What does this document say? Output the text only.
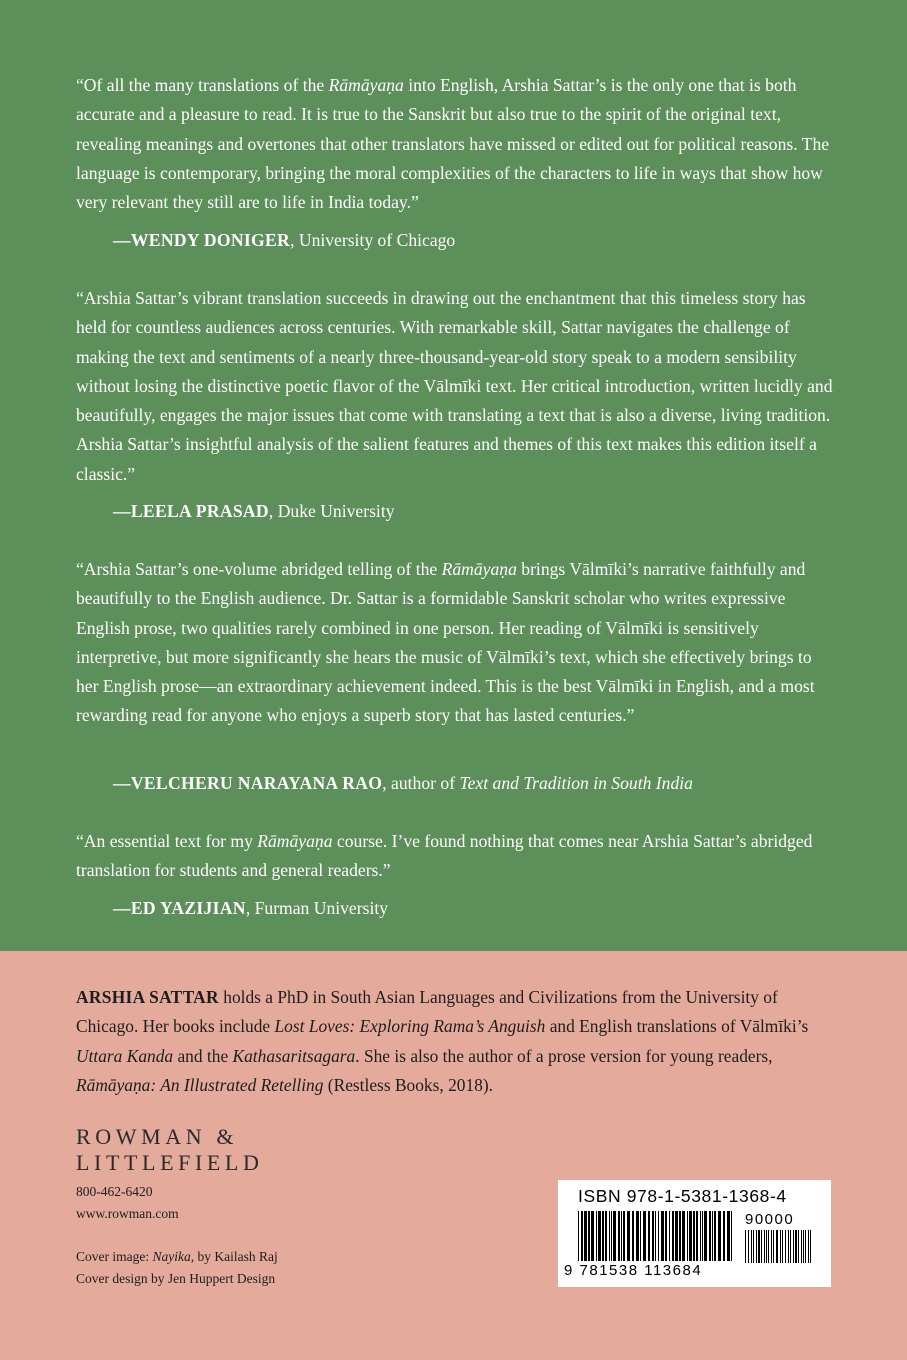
“Of all the many translations of the Rāmāyaṇa into English, Arshia Sattar’s is the only one that is both accurate and a pleasure to read. It is true to the Sanskrit but also true to the spirit of the original text, revealing meanings and overtones that other translators have missed or edited out for political reasons. The language is contemporary, bringing the moral complexities of the characters to life in ways that show how very relevant they still are to life in India today.”

—WENDY DONIGER, University of Chicago

“Arshia Sattar’s vibrant translation succeeds in drawing out the enchantment that this timeless story has held for countless audiences across centuries. With remarkable skill, Sattar navigates the challenge of making the text and sentiments of a nearly three-thousand-year-old story speak to a modern sensibility without losing the distinctive poetic flavor of the Vālmīki text. Her critical introduction, written lucidly and beautifully, engages the major issues that come with translating a text that is also a diverse, living tradition. Arshia Sattar’s insightful analysis of the salient features and themes of this text makes this edition itself a classic.”

—LEELA PRASAD, Duke University

“Arshia Sattar’s one-volume abridged telling of the Rāmāyaṇa brings Vālmīki’s narrative faithfully and beautifully to the English audience. Dr. Sattar is a formidable Sanskrit scholar who writes expressive English prose, two qualities rarely combined in one person. Her reading of Vālmīki is sensitively interpretive, but more significantly she hears the music of Vālmīki’s text, which she effectively brings to her English prose—an extraordinary achievement indeed. This is the best Vālmīki in English, and a most rewarding read for anyone who enjoys a superb story that has lasted centuries.”

—VELCHERU NARAYANA RAO, author of Text and Tradition in South India

“An essential text for my Rāmāyaṇa course. I’ve found nothing that comes near Arshia Sattar’s abridged translation for students and general readers.”

—ED YAZIJIAN, Furman University

ARSHIA SATTAR holds a PhD in South Asian Languages and Civilizations from the University of Chicago. Her books include Lost Loves: Exploring Rama’s Anguish and English translations of Vālmīki’s Uttara Kanda and the Kathasaritsagara. She is also the author of a prose version for young readers, Rāmāyaṇa: An Illustrated Retelling (Restless Books, 2018).

ROWMAN &
LITTLEFIELD
800-462-6420
www.rowman.com
Cover image: Nayika, by Kailash Raj
Cover design by Jen Huppert Design
ISBN 978-1-5381-1368-4
90000
9 781538 113684
